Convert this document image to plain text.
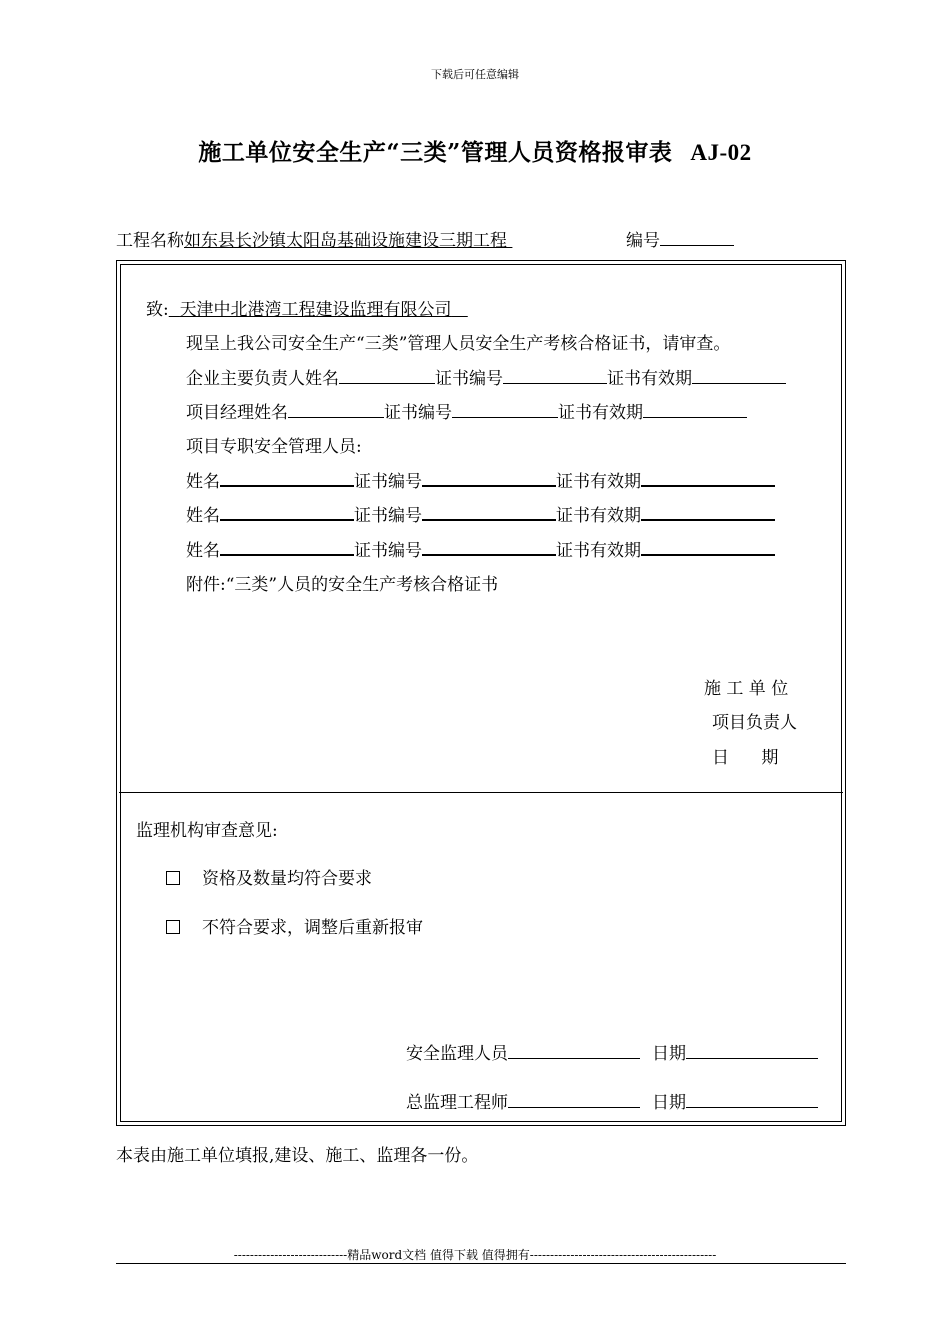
下载后可任意编辑
施工单位安全生产“三类”管理人员资格报审表 AJ-02
工程名称如东县长沙镇太阳岛基础设施建设三期工程	编号
致: 天津中北港湾工程建设监理有限公司
现呈上我公司安全生产“三类”管理人员安全生产考核合格证书，请审查。
企业主要负责人姓名	证书编号	证书有效期
项目经理姓名	证书编号	证书有效期
项目专职安全管理人员:
姓名	证书编号	证书有效期
姓名	证书编号	证书有效期
姓名	证书编号	证书有效期
附件:“三类”人员的安全生产考核合格证书
施 工 单 位
项目负责人
日      期
监理机构审查意见:
资格及数量均符合要求
不符合要求，调整后重新报审
安全监理人员	日期
总监理工程师	日期
本表由施工单位填报,建设、施工、监理各一份。
----------------------------精品word文档 值得下载 值得拥有----------------------------------------------
